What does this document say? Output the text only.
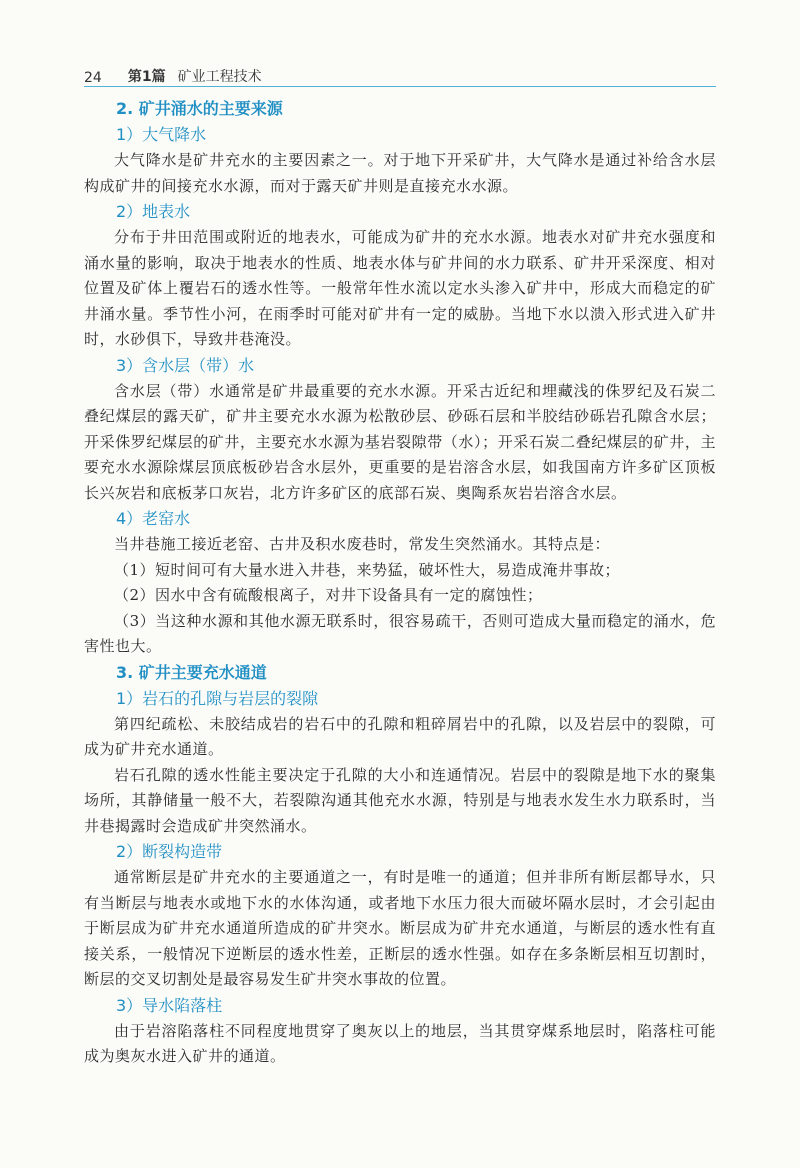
24 第1篇 矿业工程技术
2. 矿井涌水的主要来源
1）大气降水
大气降水是矿井充水的主要因素之一。对于地下开采矿井，大气降水是通过补给含水层构成矿井的间接充水水源，而对于露天矿井则是直接充水水源。
2）地表水
分布于井田范围或附近的地表水，可能成为矿井的充水水源。地表水对矿井充水强度和涌水量的影响，取决于地表水的性质、地表水体与矿井间的水力联系、矿井开采深度、相对位置及矿体上覆岩石的透水性等。一般常年性水流以定水头渗入矿井中，形成大而稳定的矿井涌水量。季节性小河，在雨季时可能对矿井有一定的威胁。当地下水以溃入形式进入矿井时，水砂俱下，导致井巷淹没。
3）含水层（带）水
含水层（带）水通常是矿井最重要的充水水源。开采古近纪和埋藏浅的侏罗纪及石炭二叠纪煤层的露天矿，矿井主要充水水源为松散砂层、砂砾石层和半胶结砂砾岩孔隙含水层；开采侏罗纪煤层的矿井，主要充水水源为基岩裂隙带（水）；开采石炭二叠纪煤层的矿井，主要充水水源除煤层顶底板砂岩含水层外，更重要的是岩溶含水层，如我国南方许多矿区顶板长兴灰岩和底板茅口灰岩，北方许多矿区的底部石炭、奥陶系灰岩岩溶含水层。
4）老窑水
当井巷施工接近老窑、古井及积水废巷时，常发生突然涌水。其特点是：
（1）短时间可有大量水进入井巷，来势猛，破坏性大，易造成淹井事故；
（2）因水中含有硫酸根离子，对井下设备具有一定的腐蚀性；
（3）当这种水源和其他水源无联系时，很容易疏干，否则可造成大量而稳定的涌水，危害性也大。
3. 矿井主要充水通道
1）岩石的孔隙与岩层的裂隙
第四纪疏松、未胶结成岩的岩石中的孔隙和粗碎屑岩中的孔隙，以及岩层中的裂隙，可成为矿井充水通道。
岩石孔隙的透水性能主要决定于孔隙的大小和连通情况。岩层中的裂隙是地下水的聚集场所，其静储量一般不大，若裂隙沟通其他充水水源，特别是与地表水发生水力联系时，当井巷揭露时会造成矿井突然涌水。
2）断裂构造带
通常断层是矿井充水的主要通道之一，有时是唯一的通道；但并非所有断层都导水，只有当断层与地表水或地下水的水体沟通，或者地下水压力很大而破坏隔水层时，才会引起由于断层成为矿井充水通道所造成的矿井突水。断层成为矿井充水通道，与断层的透水性有直接关系，一般情况下逆断层的透水性差，正断层的透水性强。如存在多条断层相互切割时，断层的交叉切割处是最容易发生矿井突水事故的位置。
3）导水陷落柱
由于岩溶陷落柱不同程度地贯穿了奥灰以上的地层，当其贯穿煤系地层时，陷落柱可能成为奥灰水进入矿井的通道。
